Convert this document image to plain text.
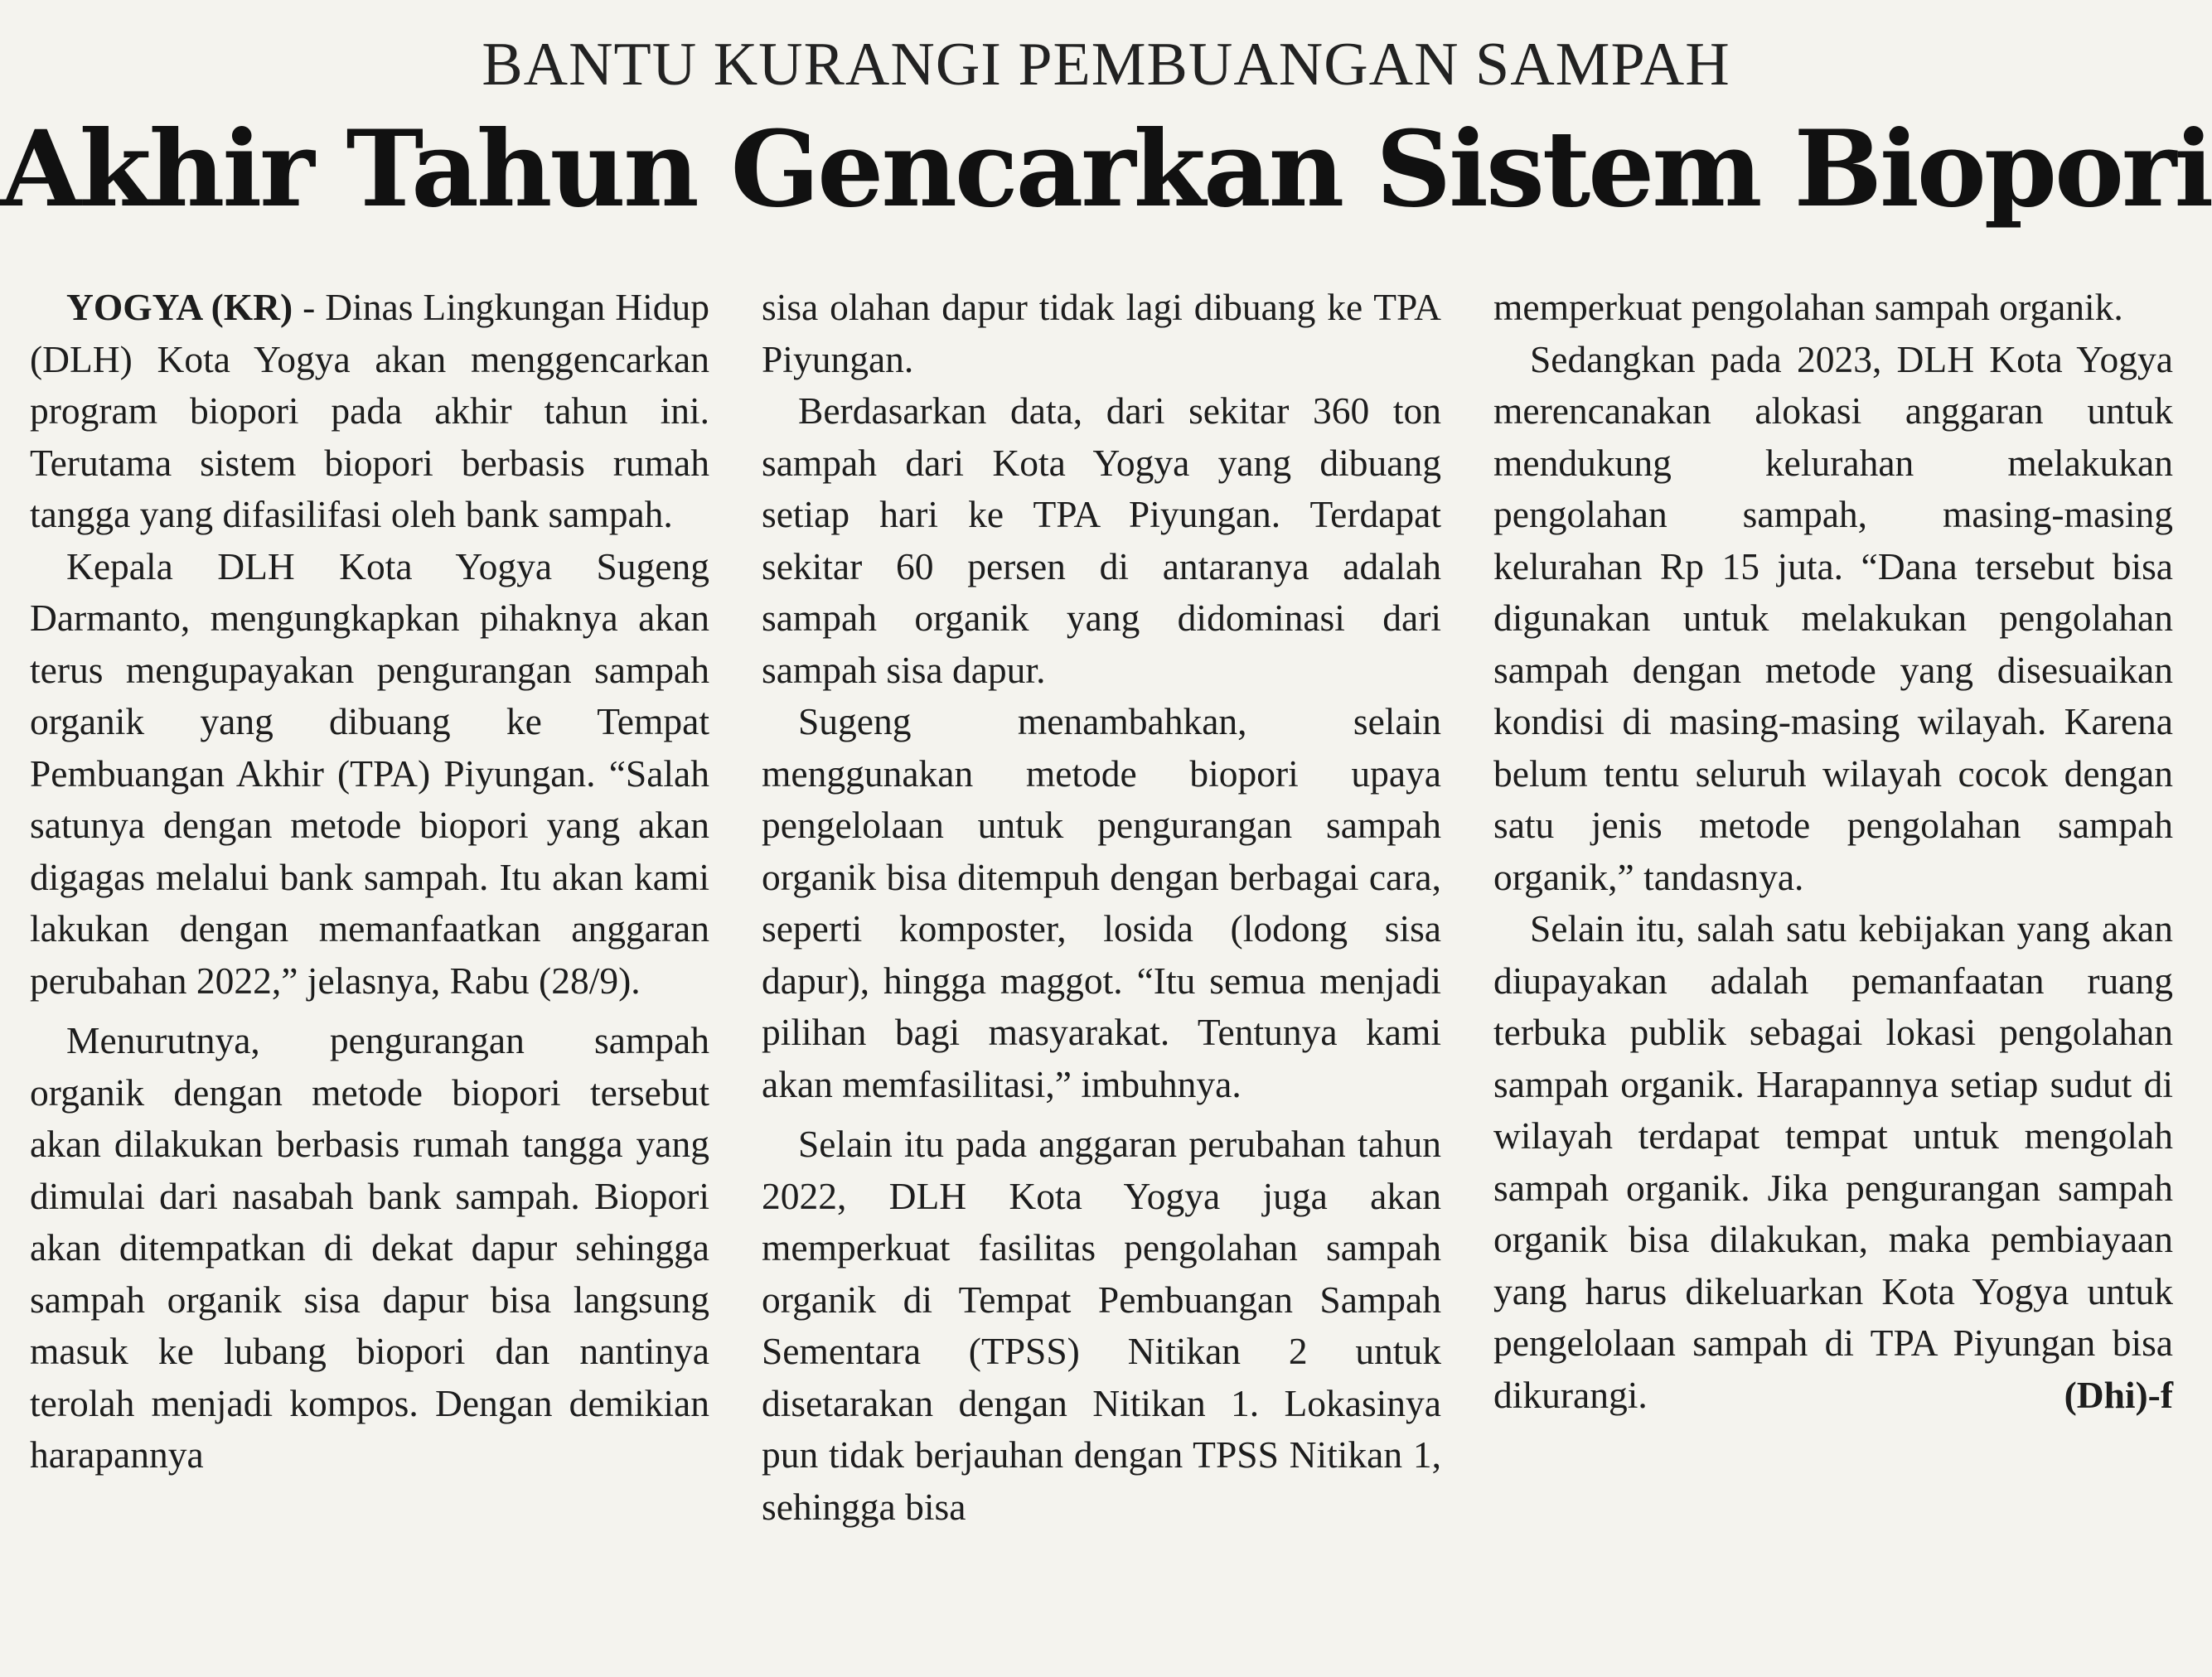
BANTU KURANGI PEMBUANGAN SAMPAH
Akhir Tahun Gencarkan Sistem Biopori

YOGYA (KR) - Dinas Lingkungan Hidup (DLH) Kota Yogya akan menggencarkan program biopori pada akhir tahun ini. Terutama sistem biopori berbasis rumah tangga yang difasilifasi oleh bank sampah.

Kepala DLH Kota Yogya Sugeng Darmanto, mengungkapkan pihaknya akan terus mengupayakan pengurangan sampah organik yang dibuang ke Tempat Pembuangan Akhir (TPA) Piyungan. “Salah satunya dengan metode biopori yang akan digagas melalui bank sampah. Itu akan kami lakukan dengan memanfaatkan anggaran perubahan 2022,” jelasnya, Rabu (28/9).

Menurutnya, pengurangan sampah organik dengan metode biopori tersebut akan dilakukan berbasis rumah tangga yang dimulai dari nasabah bank sampah. Biopori akan ditempatkan di dekat dapur sehingga sampah organik sisa dapur bisa langsung masuk ke lubang biopori dan nantinya terolah menjadi kompos. Dengan demikian harapannya

sisa olahan dapur tidak lagi dibuang ke TPA Piyungan.

Berdasarkan data, dari sekitar 360 ton sampah dari Kota Yogya yang dibuang setiap hari ke TPA Piyungan. Terdapat sekitar 60 persen di antaranya adalah sampah organik yang didominasi dari sampah sisa dapur.

Sugeng menambahkan, selain menggunakan metode biopori upaya pengelolaan untuk pengurangan sampah organik bisa ditempuh dengan berbagai cara, seperti komposter, losida (lodong sisa dapur), hingga maggot. “Itu semua menjadi pilihan bagi masyarakat. Tentunya kami akan memfasilitasi,” imbuhnya.

Selain itu pada anggaran perubahan tahun 2022, DLH Kota Yogya juga akan memperkuat fasilitas pengolahan sampah organik di Tempat Pembuangan Sampah Sementara (TPSS) Nitikan 2 untuk disetarakan dengan Nitikan 1. Lokasinya pun tidak berjauhan dengan TPSS Nitikan 1, sehingga bisa

memperkuat pengolahan sampah organik.

Sedangkan pada 2023, DLH Kota Yogya merencanakan alokasi anggaran untuk mendukung kelurahan melakukan pengolahan sampah, masing-masing kelurahan Rp 15 juta. “Dana tersebut bisa digunakan untuk melakukan pengolahan sampah dengan metode yang disesuaikan kondisi di masing-masing wilayah. Karena belum tentu seluruh wilayah cocok dengan satu jenis metode pengolahan sampah organik,” tandasnya.

Selain itu, salah satu kebijakan yang akan diupayakan adalah pemanfaatan ruang terbuka publik sebagai lokasi pengolahan sampah organik. Harapannya setiap sudut di wilayah terdapat tempat untuk mengolah sampah organik. Jika pengurangan sampah organik bisa dilakukan, maka pembiayaan yang harus dikeluarkan Kota Yogya untuk pengelolaan sampah di TPA Piyungan bisa dikurangi.	(Dhi)-f
